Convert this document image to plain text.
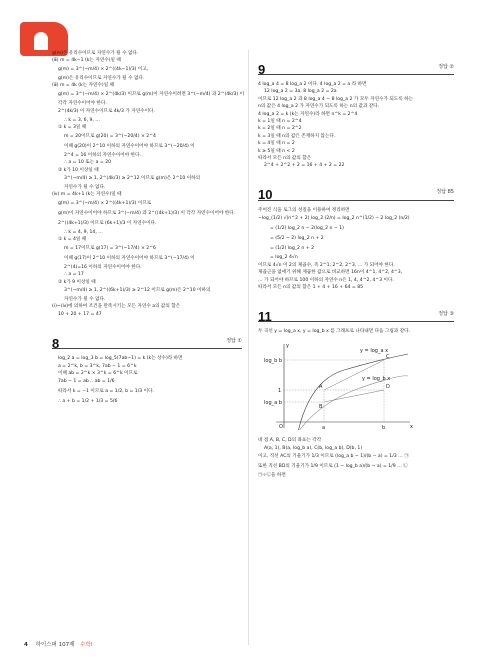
g(m)은 유리수이므로 자연수가 될 수 없다.
(ⅲ) m = 4k−1 (k는 자연수)일 때
g(m) = 3^(−m/4) × 2^((4k−1)/3) 이고,
g(m)은 유리수이므로 자연수가 될 수 없다.
(ⅲ) m = 4k (k는 자연수)일 때
g(m) = 3^(−m/4) × 2^(4k/3) 이므로 g(m)이 자연수이려면 3^(−m/4) 과 2^(4k/3) 이
각각 자연수이어야 한다.
2^(4k/3) 이 자연수이므로 4k/3 가 자연수이다.
∴ k = 3, 6, 9, …
① k = 3일 때
m = 20이므로 g(20) = 3^(−20/4) × 2^4
이때 g(20)이 2^10 이하의 자연수이어야 하므로 3^(−20/4) 이
2^4 = 16 이하의 자연수이어야 한다.
∴ a = 10 또는 a = 20
② k가 10 이상일 때
3^(−m/4) ≥ 1, 2^(4k/3) ≥ 2^12 이므로 g(m)은 2^10 이하의
자연수가 될 수 없다.
(ⅳ) m = 4k+1 (k는 자연수)일 때
g(m) = 3^(−m/4) × 2^((4k+1)/3) 이므로
g(m)이 자연수이어야 하므로 3^(−m/4) 과 2^((4k+1)/3) 이 각각 자연수이어야 한다.
2^((4k+1)/3) 이므로 (6k+1)/3 이 자연수이다.
∴ k = 4, 9, 14, …
① k = 4일 때
m = 17이므로 g(17) = 3^(−17/4) × 2^6
이때 g(17)이 2^10 이하의 자연수이어야 하므로 3^(−17/4) 이
2^(4)=16 이하의 자연수이어야 한다.
∴ a = 17
② k가 9 이상일 때
3^(−m/4) ≥ 1, 2^((6k+1)/3) ≥ 2^12 이므로 g(m)은 2^10 이하의
자연수가 될 수 없다.
(ⅰ)~(ⅳ)에 의하여 조건을 만족시키는 모든 자연수 a의 값의 합은
10 + 20 + 17 = 47
8	정답 ①
log_2 a = log_3 b = log_5(7ab−1) = k (k는 상수)라 하면
a = 2^k, b = 3^k, 7ab − 1 = 6^k
이때 ab = 2^k × 3^k = 6^k 이므로
7ab − 1 = ab ∴ ab = 1/6
따라서 k = −1 이므로 a = 1/2, b = 1/3 이다.
∴ a + b = 1/2 + 1/3 = 5/6
9	정답 ②
4 log_a 4 = 8 log_a 2 이다. 4 log_a 2 = a 라 하면
12 log_a 2 = 3a, 8 log_a 2 = 2a
이므로 12 log_a 2 과 8 log_a 4 − 8 log_a 2 가 모두 자연수가 되도록 하는
n의 값은 4 log_a 2 가 자연수가 되도록 하는 n의 값과 같다.
4 log_a 2 = k (k는 자연수)라 하면 n^k = 2^4
k = 1일 때 n = 2^4
k = 2일 때 n = 2^2
k = 3일 때 n의 값은 존재하지 않는다.
k = 4일 때 n = 2
k ≥ 5일 때 n < 2
따라서 모든 n의 값의 합은
2^4 + 2^2 + 2 = 16 + 4 + 2 = 22
10	정답 85
주어진 식을 로그의 성질을 이용하여 정리하면
−log_(1/2) √(n^2 + 2) log_2 (2/n) = log_2 n^(1/2) − 2 log_2 (n/2)
= (1/2) log_2 n − 2(log_2 n − 1)
= (5/2 − 2) log_2 n + 2
= (1/2) log_2 n + 2
= log_2 4√n
이므로 4√n 이 2의 제곱수, 즉 2^1, 2^2, 2^3, … 가 되어야 한다.
제곱근을 없애기 위해 제곱한 값으로 비교하면 16n이 4^1, 4^2, 4^3,
… 가 되어야 하므로 100 이하의 자연수 n은 1, 4, 4^2, 4^3 이다.
따라서 모든 n의 값의 합은 1 + 4 + 16 + 64 = 85
11	정답 ③
두 곡선 y = log_a x, y = log_b x 를 그래프로 나타내면 다음 그림과 같다.
x
y
O
log_b b
1
log_a b
a	b
C
D
A
B
y = log_a x
y = log_b x
네 점 A, B, C, D의 좌표는 각각
A(a, 1), B(a, log_b a), C(b, log_a b), D(b, 1)
이고, 직선 AC의 기울기가 1/3 이므로 (log_a b − 1)/(b − a) = 1/3 … ㉠
또한 직선 BD의 기울기가 1/9 이므로 (1 − log_b a)/(b − a) = 1/9 … ㉡
㉠÷㉡을 하면
4 하이스퍼 107제 수학Ⅰ
